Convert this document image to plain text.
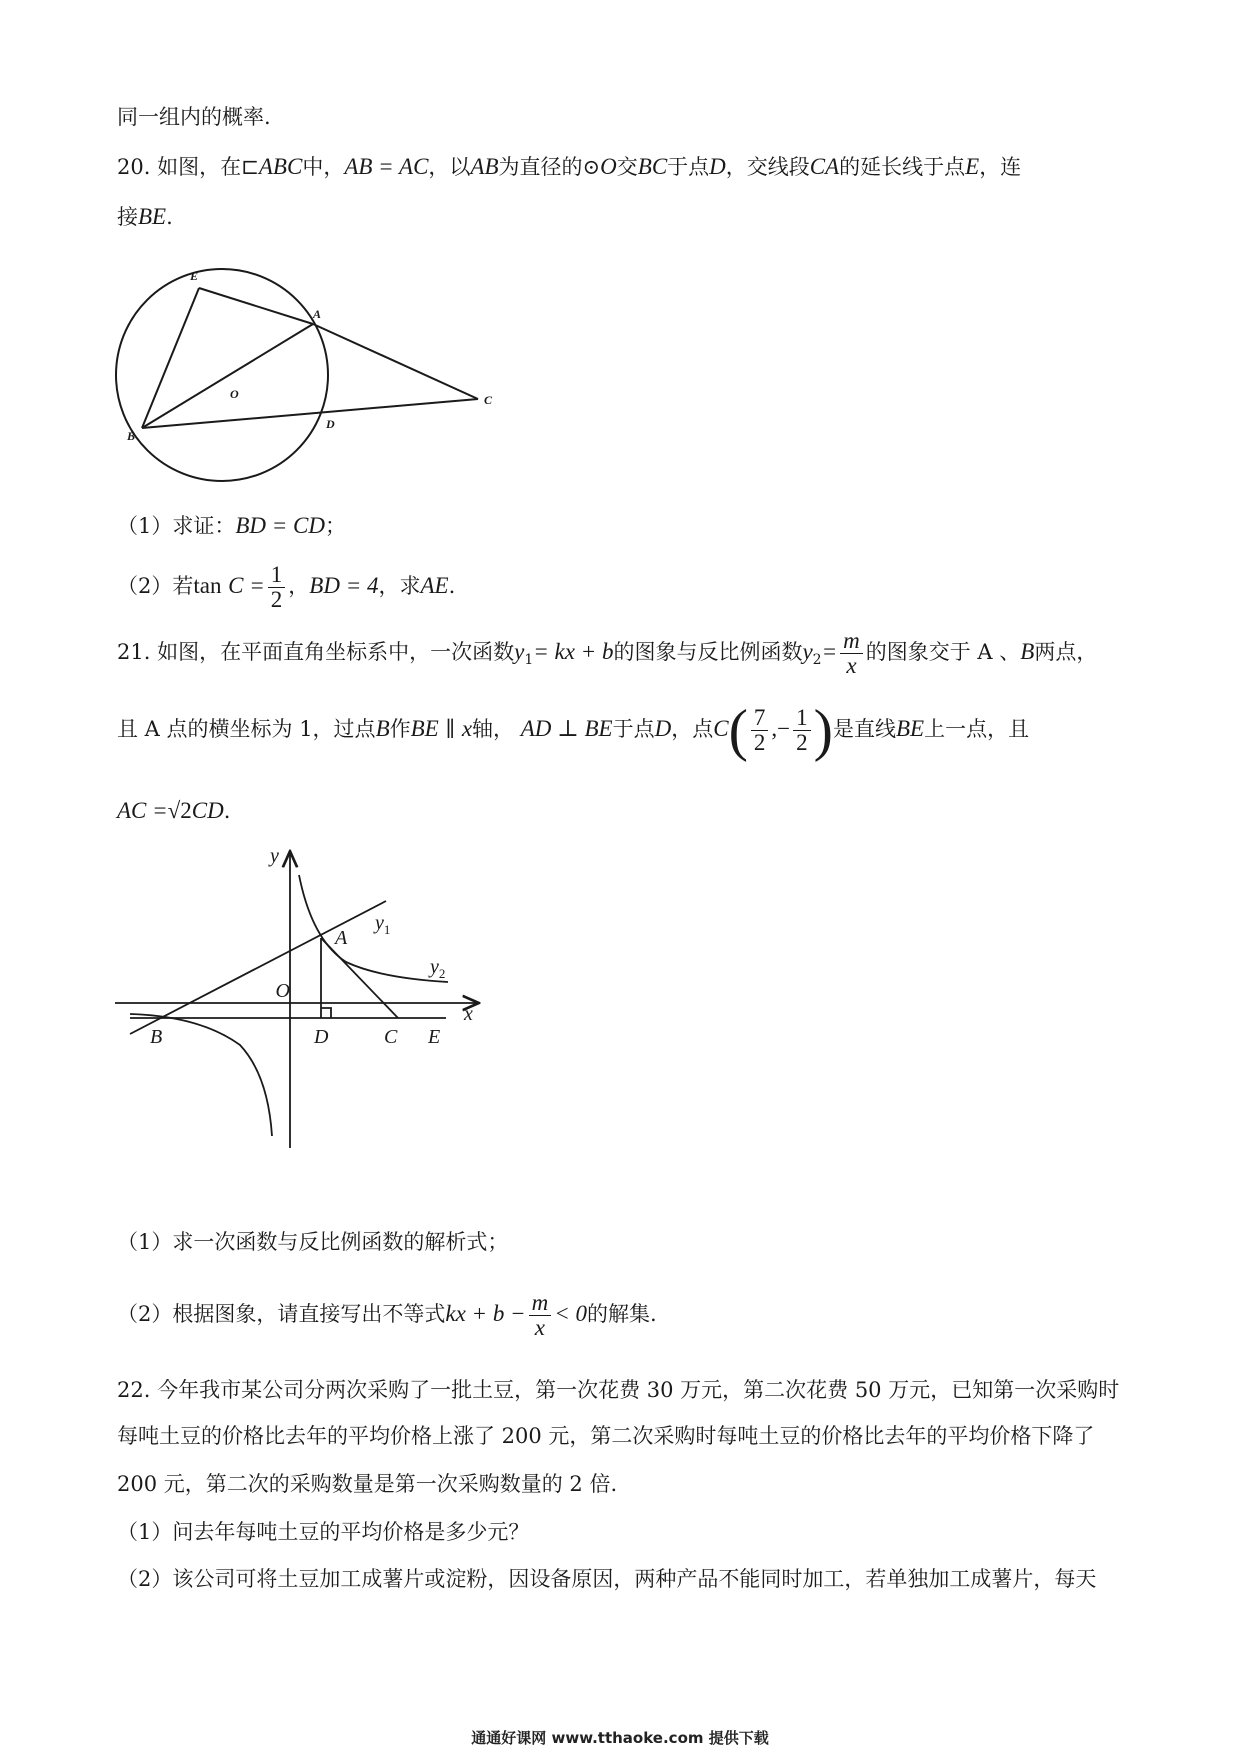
同一组内的概率.
20. 如图，在⊏ABC中，AB = AC，以AB为直径的⊙O交BC于点D，交线段CA的延长线于点E，连
接BE.
E
A
O	C
B
D
（1）求证：BD = CD；
（2）若$\tan C = \frac{1}{2}$ ，BD = 4，求AE.
21. 如图，在平面直角坐标系中，一次函数$y_1=$ kx + b的图象与反比例函数$y_2= \frac{m}{x}$ 的图象交于 A 、B两点，
且 A 点的横坐标为 1，过点B作BE ∥ x轴， AD ⊥ BE于点D，点$C( \frac{7}{2}$ ,− $\frac{1}{2}$ )是直线BE上一点，且
AC =√2CD.
y
x
O
A
B	D	C E
$y_1$
$y_2$
（1）求一次函数与反比例函数的解析式；
（2）根据图象，请直接写出不等式kx + $b - \frac{m}{x} < 0$的解集.
22. 今年我市某公司分两次采购了一批土豆，第一次花费 30 万元，第二次花费 50 万元，已知第一次采购时
每吨土豆的价格比去年的平均价格上涨了 200 元，第二次采购时每吨土豆的价格比去年的平均价格下降了
200 元，第二次的采购数量是第一次采购数量的 2 倍.
（1）问去年每吨土豆的平均价格是多少元？
（2）该公司可将土豆加工成薯片或淀粉，因设备原因，两种产品不能同时加工，若单独加工成薯片，每天
通通好课网 www.tthaoke.com 提供下载
